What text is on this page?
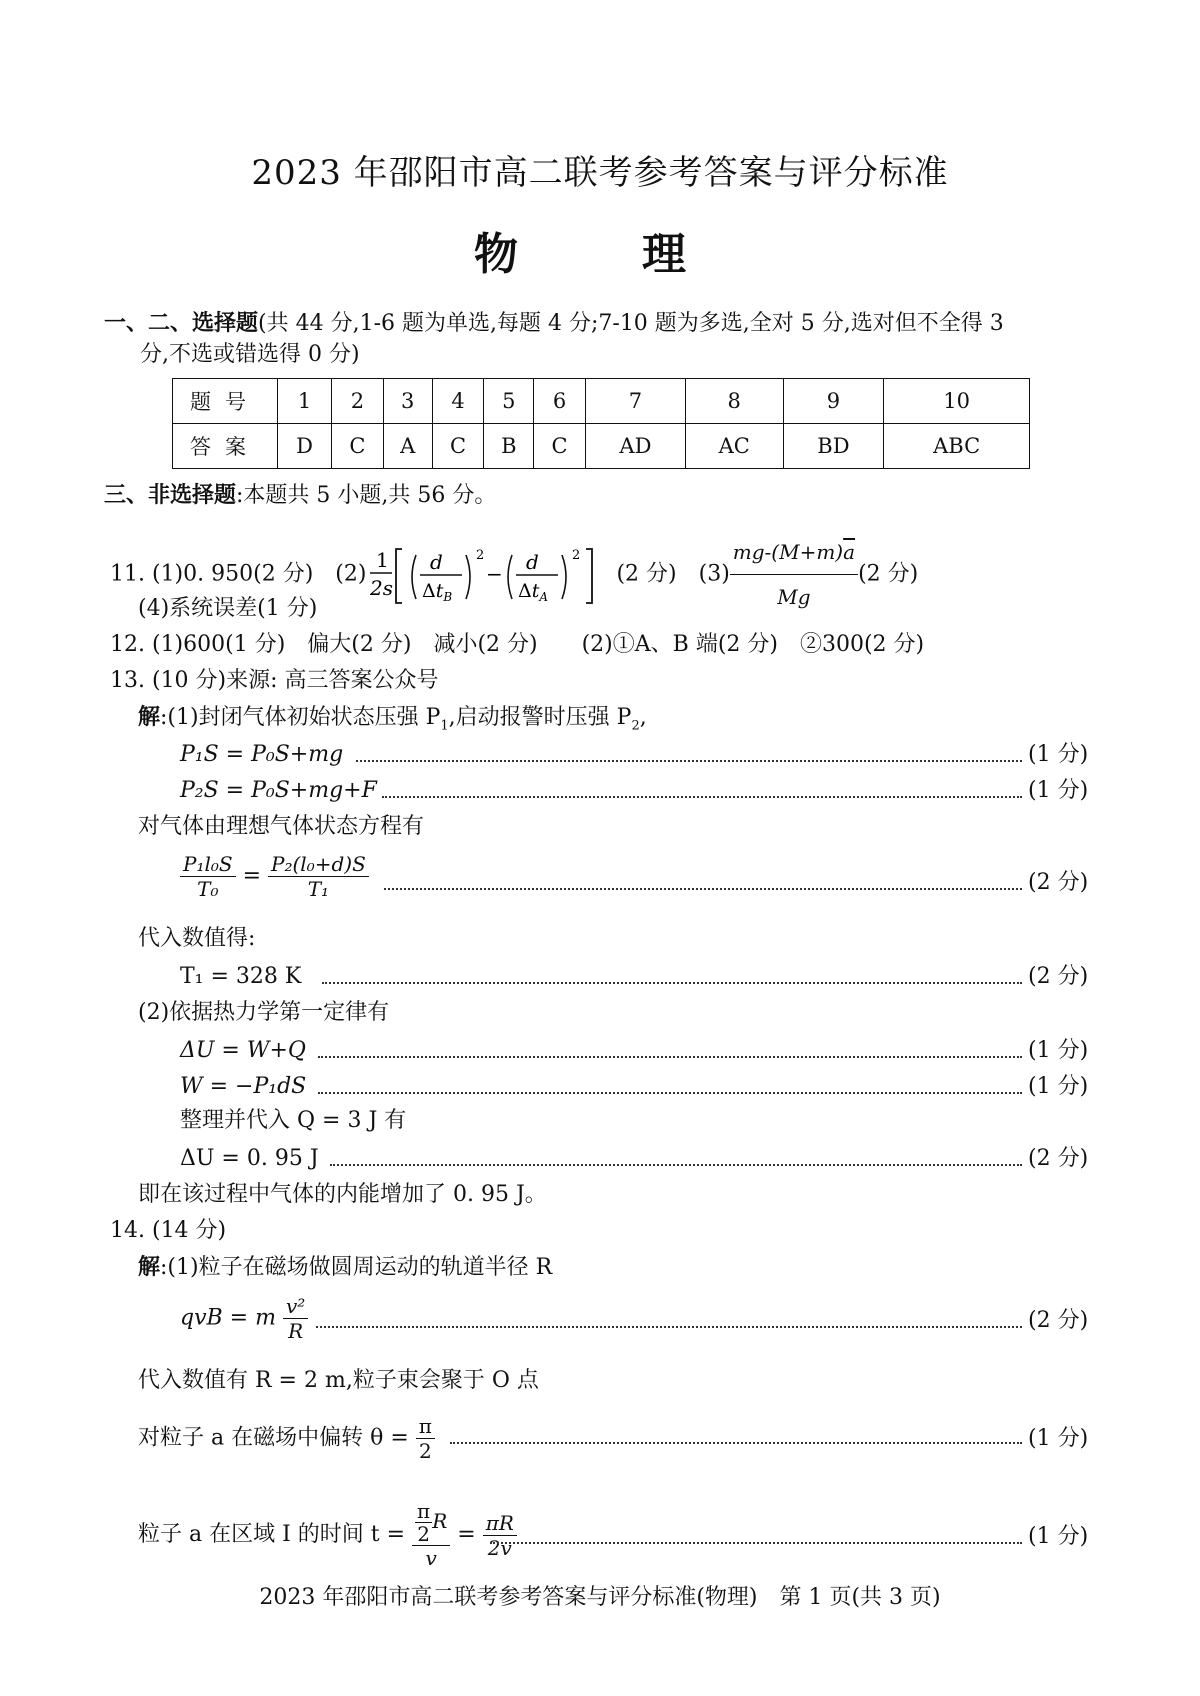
2023 年邵阳市高二联考参考答案与评分标准
物　理
一、二、选择题(共 44 分,1-6 题为单选,每题 4 分;7-10 题为多选,全对 5 分,选对但不全得 3
分,不选或错选得 0 分)
题号	1	2	3	4	5	6	7	8	9	10
答案	D	C	A	C	B	C	AD	AC	BD	ABC
三、非选择题:本题共 5 小题,共 56 分。
11. (1)0. 950(2 分)　(2)
1
2s
d
$\Delta t_B$
2
− d
$\Delta t_A$
2
(2 分)　$(3) \frac{mg-(M+m)\overline{a}}{Mg} (2$ 分)
(4)系统误差(1 分)
12. (1)600(1 分)　偏大(2 分)　减小(2 分)　　(2)①A、B 端(2 分)　②300(2 分)
13. (10 分)来源: 高三答案公众号
解:(1)封闭气体初始状态压强 $P_1$,启动报警时压强 $P_2$,
P₁S = P₀S+mg	(1 分)
P₂S = P₀S+mg+F	(1 分)
对气体由理想气体状态方程有
$\frac{\text{P₁l₀S}}{\text{T₀}} = \frac{\text{P₂(l₀+d)S}}{\text{T₁}}$	(2 分)
代入数值得:
T₁ = 328 K	(2 分)
(2)依据热力学第一定律有
ΔU = W+Q	(1 分)
W = −P₁dS	(1 分)
整理并代入 Q = 3 J 有
ΔU = 0. 95 J	(2 分)
即在该过程中气体的内能增加了 0. 95 J。
14. (14 分)
解:(1)粒子在磁场做圆周运动的轨道半径 R
qvB = m $\frac{\text{v²}}{R}$	(2 分)
代入数值有 R = 2 m,粒子束会聚于 O 点
对粒子 a 在磁场中偏转 $\theta = \frac{\pi}{2}$	(1 分)
粒子 a 在区域 Ⅰ 的时间 $t = \frac{\frac{\pi}{2} R}{v} = \frac{\pi R}{2v}$	(1 分)
2023 年邵阳市高二联考参考答案与评分标准(物理)　第 1 页(共 3 页)
